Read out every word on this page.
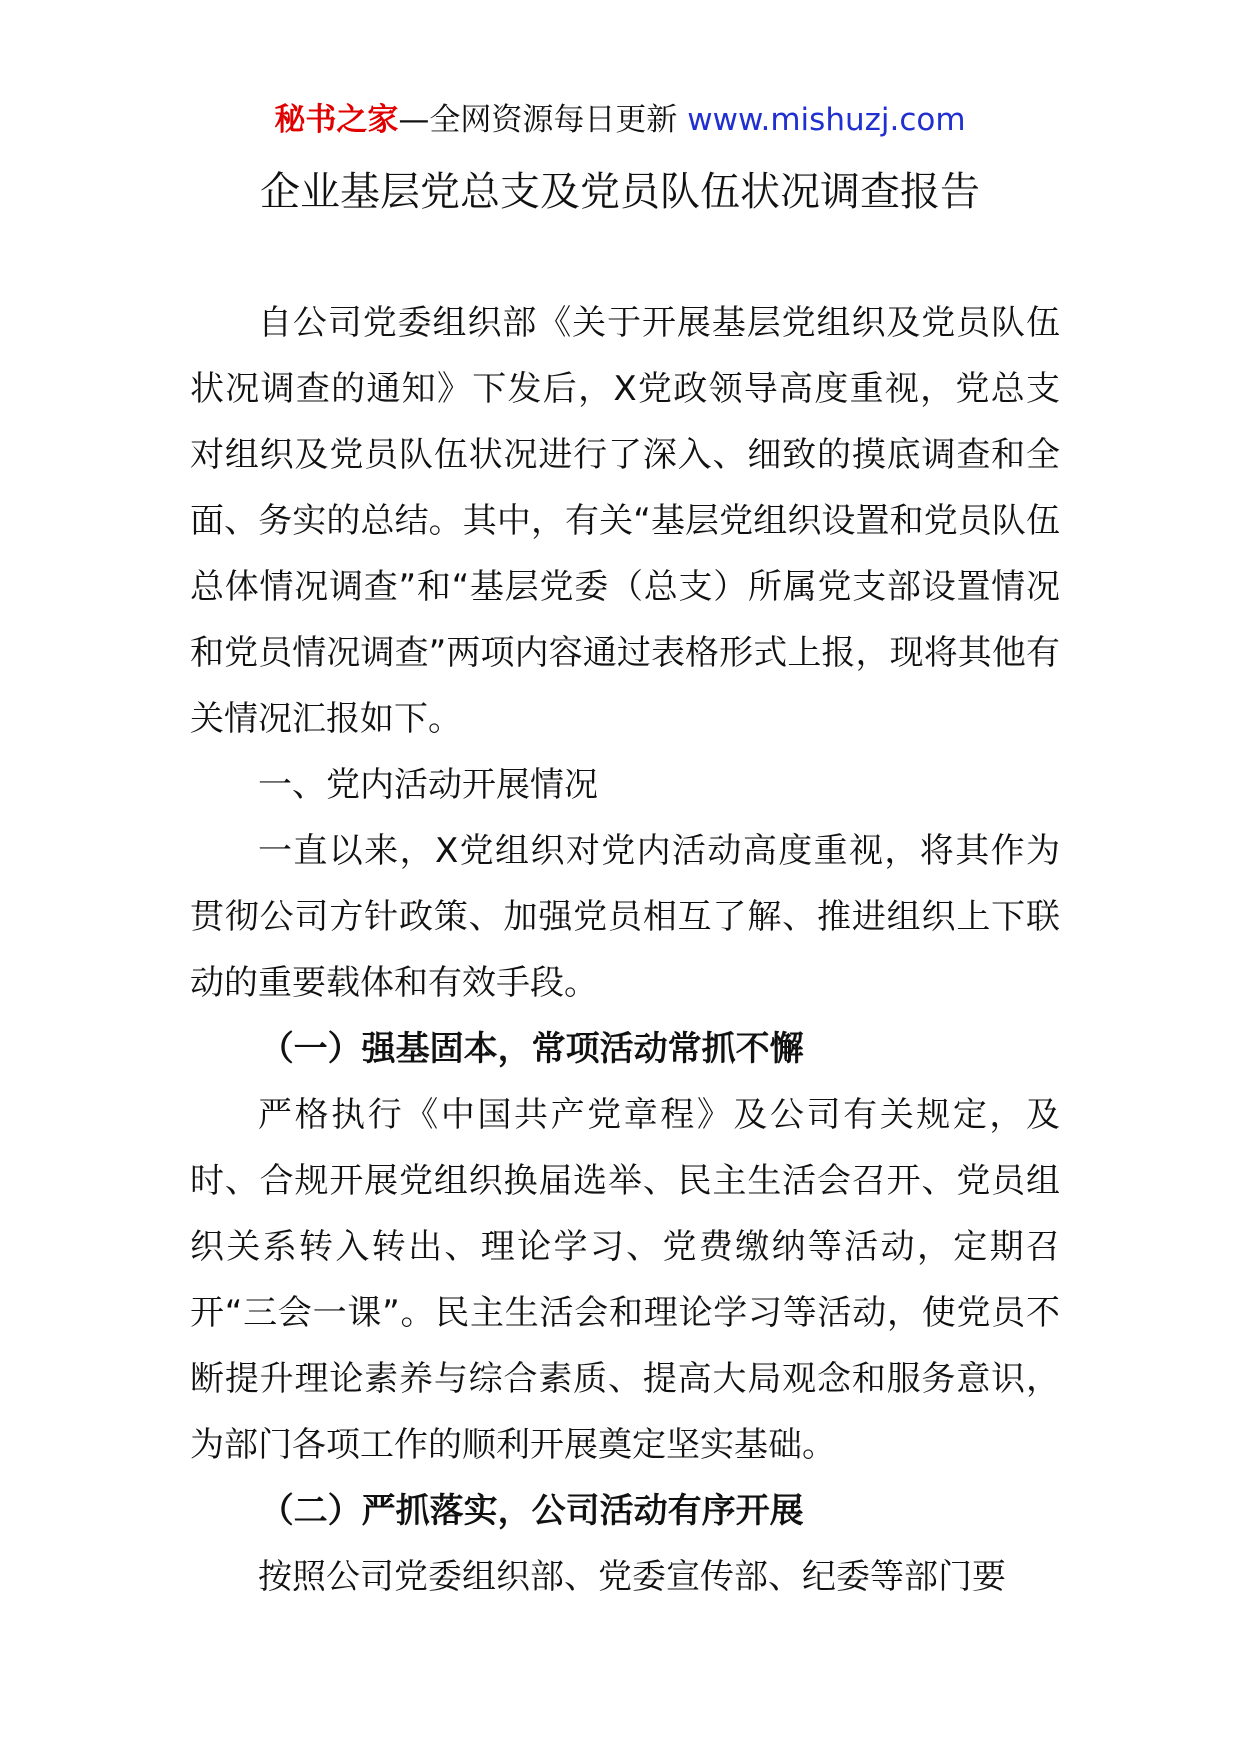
秘书之家—全网资源每日更新 www.mishuzj.com
企业基层党总支及党员队伍状况调查报告

自公司党委组织部《关于开展基层党组织及党员队伍状况调查的通知》下发后，X党政领导高度重视，党总支对组织及党员队伍状况进行了深入、细致的摸底调查和全面、务实的总结。其中，有关“基层党组织设置和党员队伍总体情况调查”和“基层党委（总支）所属党支部设置情况和党员情况调查”两项内容通过表格形式上报，现将其他有关情况汇报如下。

一、党内活动开展情况

一直以来，X党组织对党内活动高度重视，将其作为贯彻公司方针政策、加强党员相互了解、推进组织上下联动的重要载体和有效手段。

（一）强基固本，常项活动常抓不懈

严格执行《中国共产党章程》及公司有关规定，及时、合规开展党组织换届选举、民主生活会召开、党员组织关系转入转出、理论学习、党费缴纳等活动，定期召开“三会一课”。民主生活会和理论学习等活动，使党员不断提升理论素养与综合素质、提高大局观念和服务意识，为部门各项工作的顺利开展奠定坚实基础。

（二）严抓落实，公司活动有序开展

按照公司党委组织部、党委宣传部、纪委等部门要
